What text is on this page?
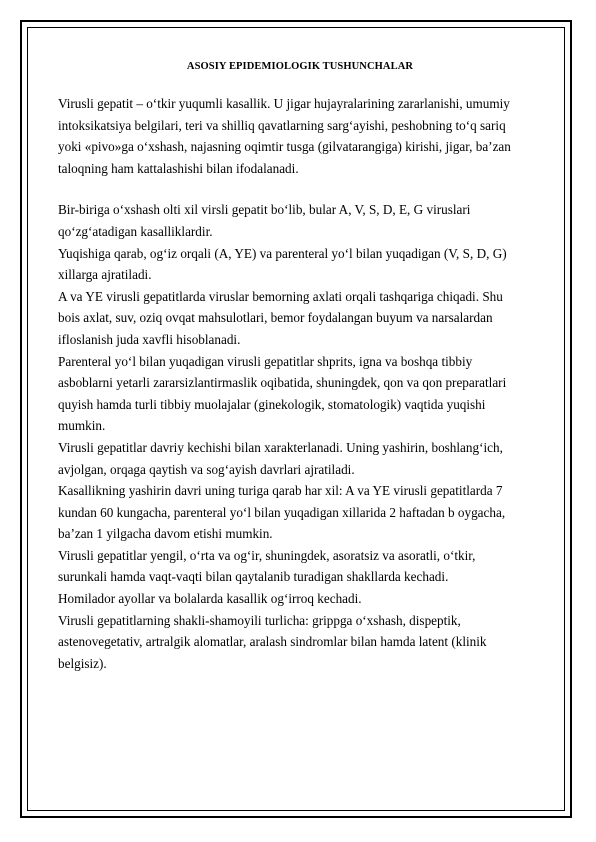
ASOSIY EPIDEMIOLOGIK TUSHUNCHALAR

Virusli gepatit – o‘tkir yuqumli kasallik. U jigar hujayralarining zararlanishi, umumiy
intoksikatsiya belgilari, teri va shilliq qavatlarning sarg‘ayishi, peshobning to‘q sariq
yoki «pivo»ga o‘xshash, najasning oqimtir tusga (gilvatarangiga) kirishi, jigar, ba’zan
taloqning ham kattalashishi bilan ifodalanadi.

Bir-biriga o‘xshash olti xil virsli gepatit bo‘lib, bular A, V, S, D, E, G viruslari
qo‘zg‘atadigan kasalliklardir.

Yuqishiga qarab, og‘iz orqali (A, YE) va parenteral yo‘l bilan yuqadigan (V, S, D, G)
xillarga ajratiladi.

A va YE virusli gepatitlarda viruslar bemorning axlati orqali tashqariga chiqadi. Shu
bois axlat, suv, oziq ovqat mahsulotlari, bemor foydalangan buyum va narsalardan
ifloslanish juda xavfli hisoblanadi.

Parenteral yo‘l bilan yuqadigan virusli gepatitlar shprits, igna va boshqa tibbiy
asboblarni yetarli zararsizlantirmaslik oqibatida, shuningdek, qon va qon preparatlari
quyish hamda turli tibbiy muolajalar (ginekologik, stomatologik) vaqtida yuqishi
mumkin.

Virusli gepatitlar davriy kechishi bilan xarakterlanadi. Uning yashirin, boshlang‘ich,
avjolgan, orqaga qaytish va sog‘ayish davrlari ajratiladi.

Kasallikning yashirin davri uning turiga qarab har xil: A va YE virusli gepatitlarda 7
kundan 60 kungacha, parenteral yo‘l bilan yuqadigan xillarida 2 haftadan b oygacha,
ba’zan 1 yilgacha davom etishi mumkin.

Virusli gepatitlar yengil, o‘rta va og‘ir, shuningdek, asoratsiz va asoratli, o‘tkir,
surunkali hamda vaqt-vaqti bilan qaytalanib turadigan shakllarda kechadi.

Homilador ayollar va bolalarda kasallik og‘irroq kechadi.

Virusli gepatitlarning shakli-shamoyili turlicha: grippga o‘xshash, dispeptik,
astenovegetativ, artralgik alomatlar, aralash sindromlar bilan hamda latent (klinik
belgisiz).
